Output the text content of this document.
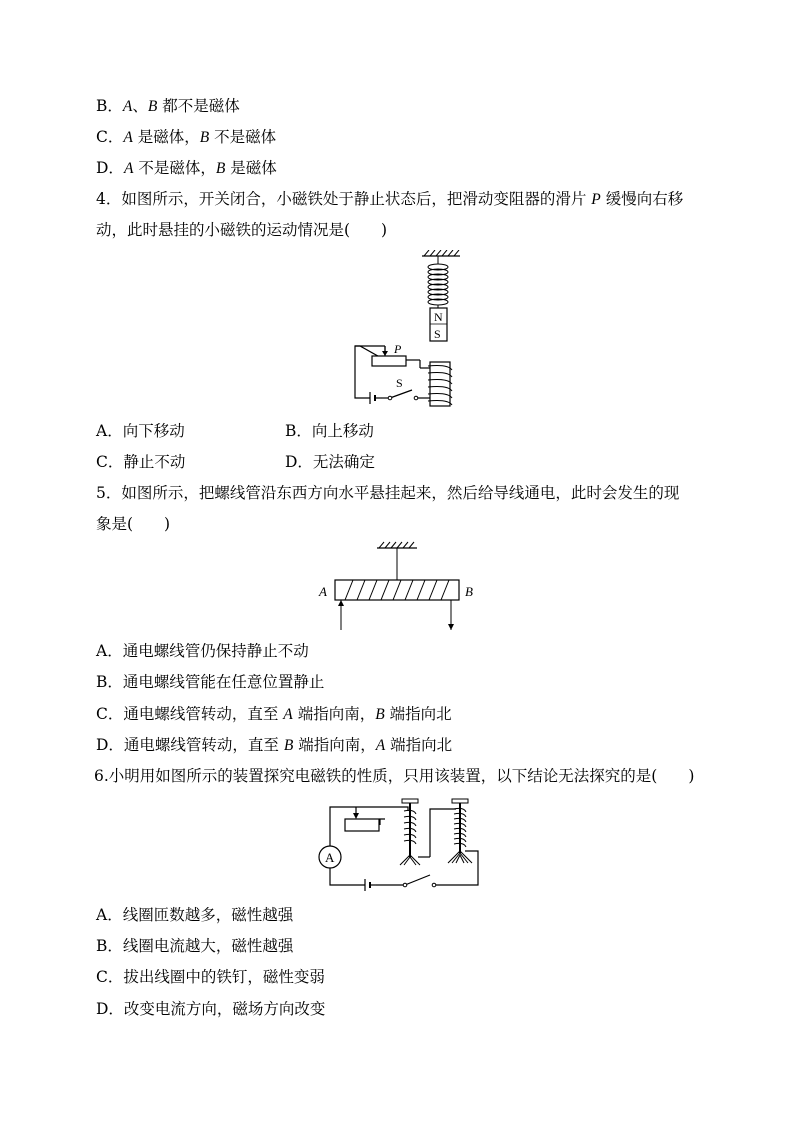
B．A、B 都不是磁体
C．A 是磁体，B 不是磁体
D．A 不是磁体，B 是磁体
4．如图所示，开关闭合，小磁铁处于静止状态后，把滑动变阻器的滑片 P 缓慢向右移
动，此时悬挂的小磁铁的运动情况是(　　)
N
S
P
S
A．向下移动	B．向上移动
C．静止不动	D．无法确定
5．如图所示，把螺线管沿东西方向水平悬挂起来，然后给导线通电，此时会发生的现
象是(　　)
A	B
A．通电螺线管仍保持静止不动
B．通电螺线管能在任意位置静止
C．通电螺线管转动，直至 A 端指向南，B 端指向北
D．通电螺线管转动，直至 B 端指向南，A 端指向北
6.小明用如图所示的装置探究电磁铁的性质，只用该装置，以下结论无法探究的是(　　)
A
A．线圈匝数越多，磁性越强
B．线圈电流越大，磁性越强
C．拔出线圈中的铁钉，磁性变弱
D．改变电流方向，磁场方向改变
